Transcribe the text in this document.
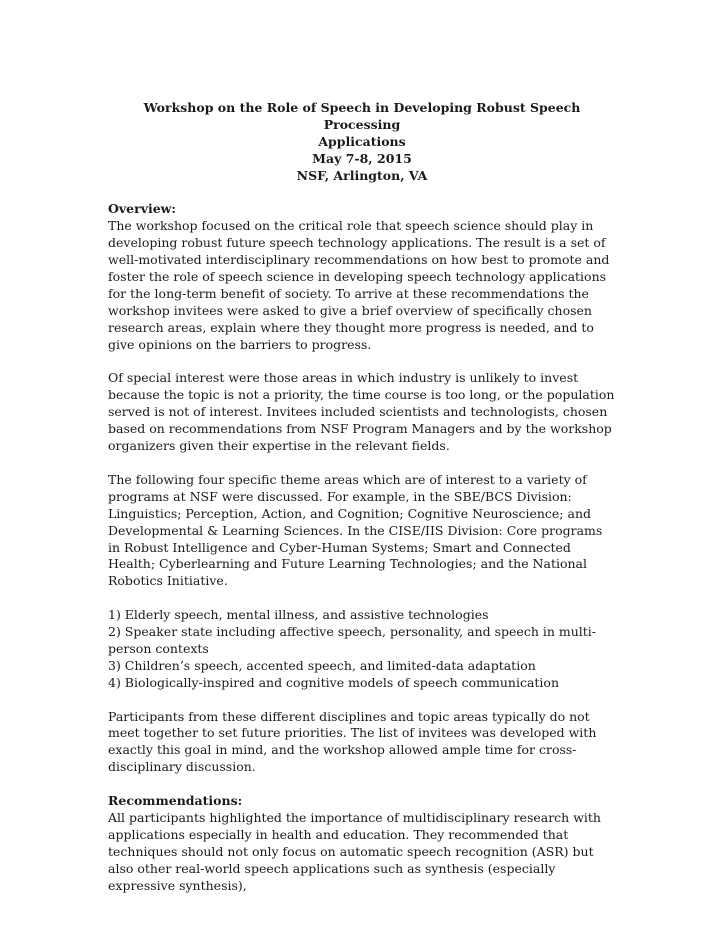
Workshop on the Role of Speech in Developing Robust Speech Processing
Applications
May 7-8, 2015
NSF, Arlington, VA
Overview:

The workshop focused on the critical role that speech science should play in developing robust future speech technology applications. The result is a set of well-motivated interdisciplinary recommendations on how best to promote and foster the role of speech science in developing speech technology applications for the long-term benefit of society. To arrive at these recommendations the workshop invitees were asked to give a brief overview of specifically chosen research areas, explain where they thought more progress is needed, and to give opinions on the barriers to progress.

Of special interest were those areas in which industry is unlikely to invest because the topic is not a priority, the time course is too long, or the population served is not of interest. Invitees included scientists and technologists, chosen based on recommendations from NSF Program Managers and by the workshop organizers given their expertise in the relevant fields.

The following four specific theme areas which are of interest to a variety of programs at NSF were discussed. For example, in the SBE/BCS Division: Linguistics; Perception, Action, and Cognition; Cognitive Neuroscience; and Developmental & Learning Sciences. In the CISE/IIS Division: Core programs in Robust Intelligence and Cyber-Human Systems; Smart and Connected Health; Cyberlearning and Future Learning Technologies; and the National Robotics Initiative.

1) Elderly speech, mental illness, and assistive technologies

2) Speaker state including affective speech, personality, and speech in multi-person contexts

3) Children’s speech, accented speech, and limited-data adaptation

4) Biologically-inspired and cognitive models of speech communication

Participants from these different disciplines and topic areas typically do not meet together to set future priorities. The list of invitees was developed with exactly this goal in mind, and the workshop allowed ample time for cross-disciplinary discussion.

Recommendations:

All participants highlighted the importance of multidisciplinary research with applications especially in health and education. They recommended that techniques should not only focus on automatic speech recognition (ASR) but also other real-world speech applications such as synthesis (especially expressive synthesis),
